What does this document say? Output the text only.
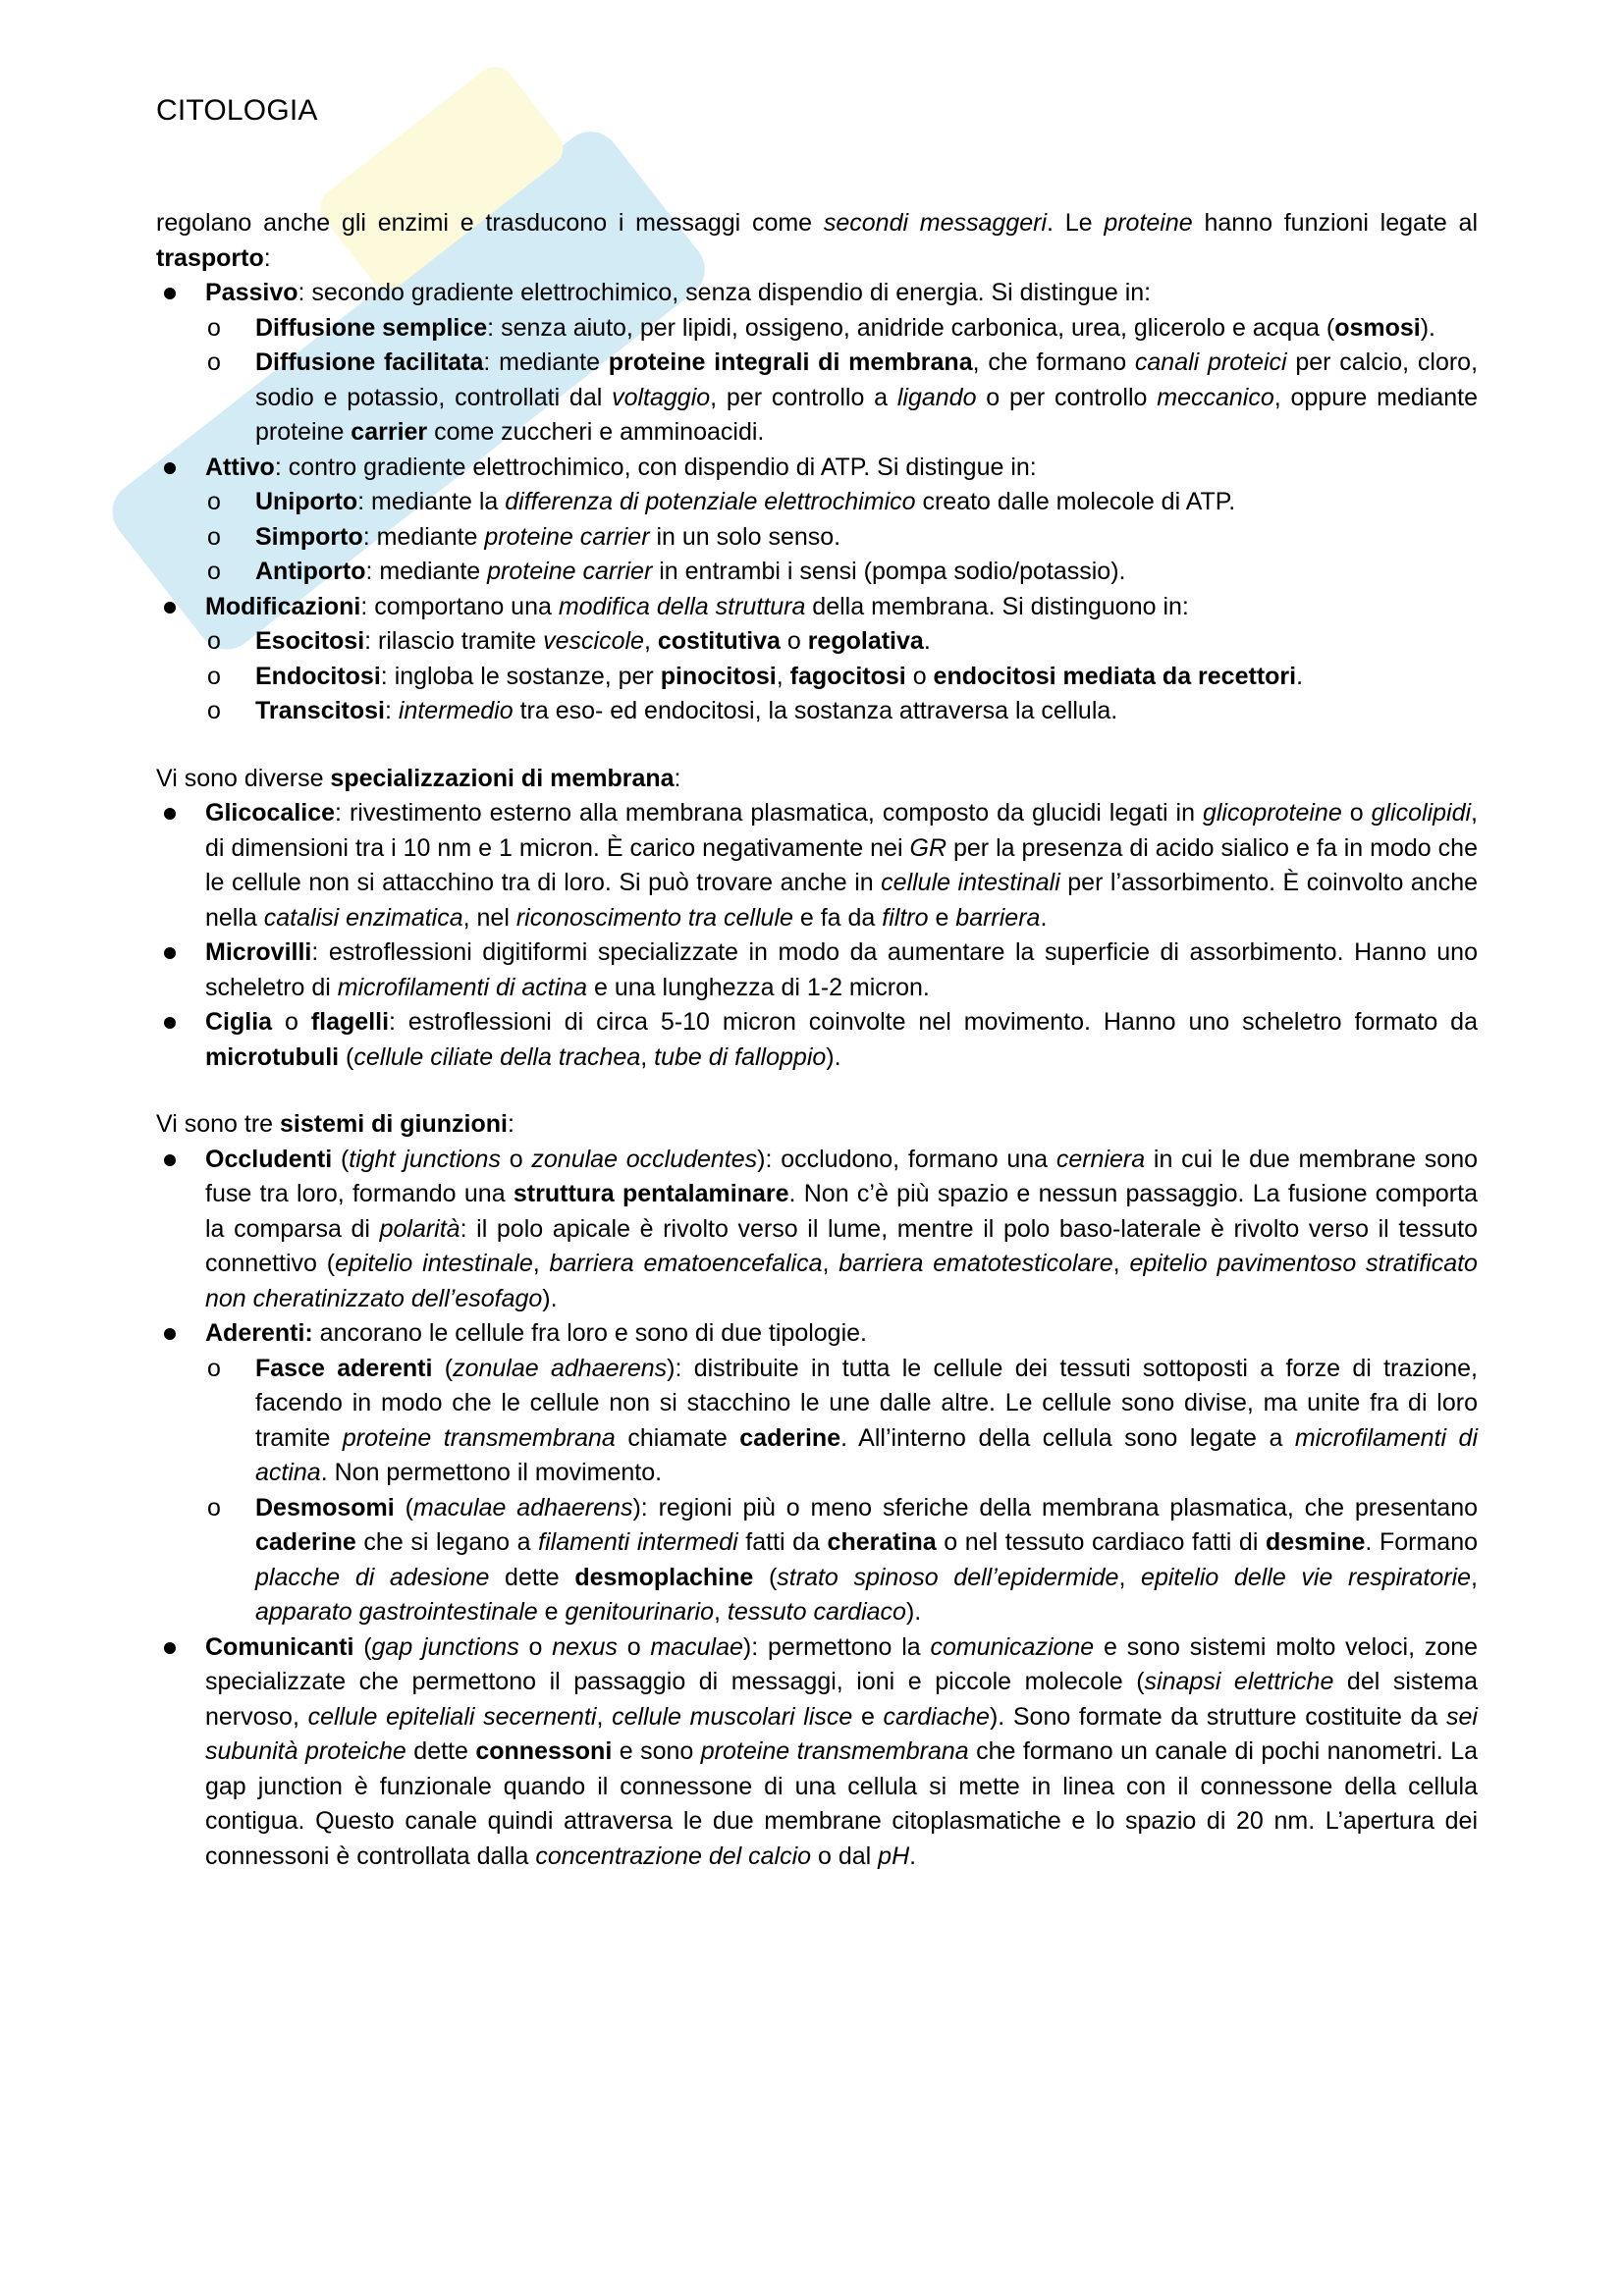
CITOLOGIA

regolano anche gli enzimi e trasducono i messaggi come secondi messaggeri. Le proteine hanno funzioni legate al trasporto:

Passivo: secondo gradiente elettrochimico, senza dispendio di energia. Si distingue in:
o Diffusione semplice: senza aiuto, per lipidi, ossigeno, anidride carbonica, urea, glicerolo e acqua (osmosi).
o Diffusione facilitata: mediante proteine integrali di membrana, che formano canali proteici per calcio, cloro, sodio e potassio, controllati dal voltaggio, per controllo a ligando o per controllo meccanico, oppure mediante proteine carrier come zuccheri e amminoacidi.
Attivo: contro gradiente elettrochimico, con dispendio di ATP. Si distingue in:
o Uniporto: mediante la differenza di potenziale elettrochimico creato dalle molecole di ATP.
o Simporto: mediante proteine carrier in un solo senso.
o Antiporto: mediante proteine carrier in entrambi i sensi (pompa sodio/potassio).
Modificazioni: comportano una modifica della struttura della membrana. Si distinguono in:
o Esocitosi: rilascio tramite vescicole, costitutiva o regolativa.
o Endocitosi: ingloba le sostanze, per pinocitosi, fagocitosi o endocitosi mediata da recettori.
o Transcitosi: intermedio tra eso- ed endocitosi, la sostanza attraversa la cellula.

Vi sono diverse specializzazioni di membrana:

Glicocalice: rivestimento esterno alla membrana plasmatica, composto da glucidi legati in glicoproteine o glicolipidi, di dimensioni tra i 10 nm e 1 micron. È carico negativamente nei GR per la presenza di acido sialico e fa in modo che le cellule non si attacchino tra di loro. Si può trovare anche in cellule intestinali per l’assorbimento. È coinvolto anche nella catalisi enzimatica, nel riconoscimento tra cellule e fa da filtro e barriera.
Microvilli: estroflessioni digitiformi specializzate in modo da aumentare la superficie di assorbimento. Hanno uno scheletro di microfilamenti di actina e una lunghezza di 1-2 micron.
Ciglia o flagelli: estroflessioni di circa 5-10 micron coinvolte nel movimento. Hanno uno scheletro formato da microtubuli (cellule ciliate della trachea, tube di falloppio).

Vi sono tre sistemi di giunzioni:

Occludenti (tight junctions o zonulae occludentes): occludono, formano una cerniera in cui le due membrane sono fuse tra loro, formando una struttura pentalaminare. Non c’è più spazio e nessun passaggio. La fusione comporta la comparsa di polarità: il polo apicale è rivolto verso il lume, mentre il polo baso-laterale è rivolto verso il tessuto connettivo (epitelio intestinale, barriera ematoencefalica, barriera ematotesticolare, epitelio pavimentoso stratificato non cheratinizzato dell’esofago).
Aderenti: ancorano le cellule fra loro e sono di due tipologie.
o Fasce aderenti (zonulae adhaerens): distribuite in tutta le cellule dei tessuti sottoposti a forze di trazione, facendo in modo che le cellule non si stacchino le une dalle altre. Le cellule sono divise, ma unite fra di loro tramite proteine transmembrana chiamate caderine. All’interno della cellula sono legate a microfilamenti di actina. Non permettono il movimento.
o Desmosomi (maculae adhaerens): regioni più o meno sferiche della membrana plasmatica, che presentano caderine che si legano a filamenti intermedi fatti da cheratina o nel tessuto cardiaco fatti di desmine. Formano placche di adesione dette desmoplachine (strato spinoso dell’epidermide, epitelio delle vie respiratorie, apparato gastrointestinale e genitourinario, tessuto cardiaco).
Comunicanti (gap junctions o nexus o maculae): permettono la comunicazione e sono sistemi molto veloci, zone specializzate che permettono il passaggio di messaggi, ioni e piccole molecole (sinapsi elettriche del sistema nervoso, cellule epiteliali secernenti, cellule muscolari lisce e cardiache). Sono formate da strutture costituite da sei subunità proteiche dette connessoni e sono proteine transmembrana che formano un canale di pochi nanometri. La gap junction è funzionale quando il connessone di una cellula si mette in linea con il connessone della cellula contigua. Questo canale quindi attraversa le due membrane citoplasmatiche e lo spazio di 20 nm. L’apertura dei connessoni è controllata dalla concentrazione del calcio o dal pH.
